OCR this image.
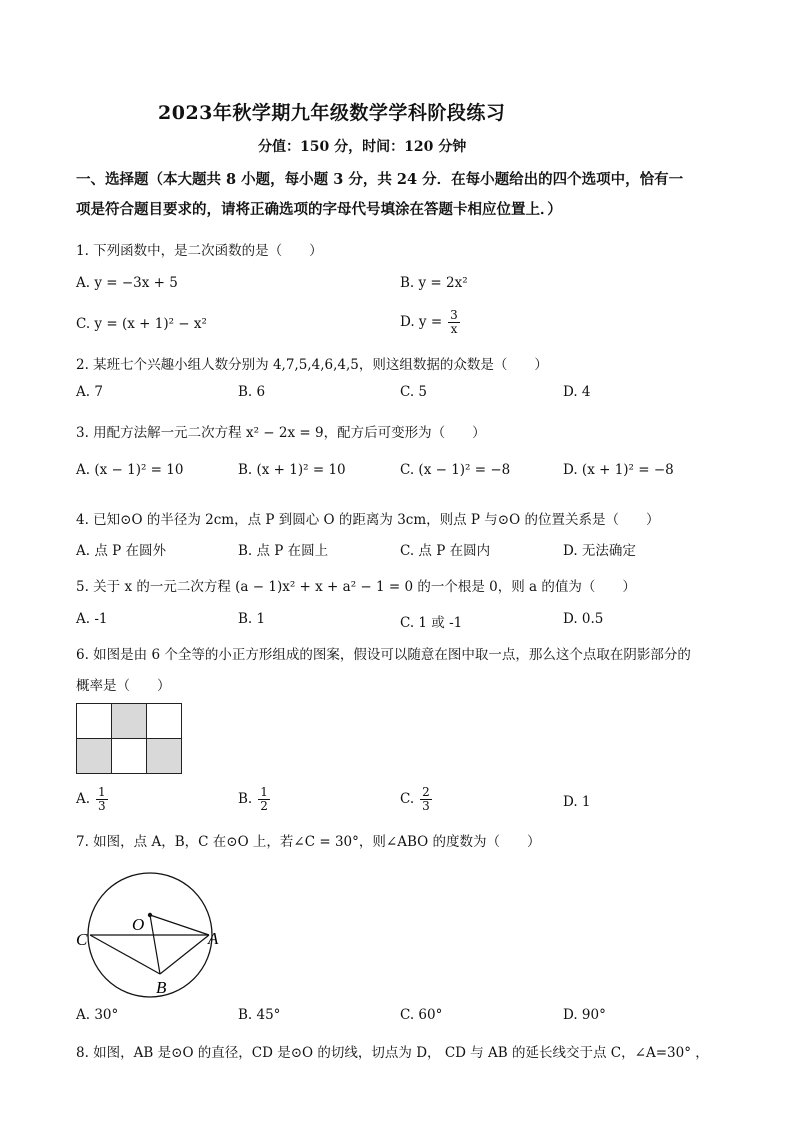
2023年秋学期九年级数学学科阶段练习
分值：150 分，时间：120 分钟
一、选择题（本大题共 8 小题，每小题 3 分，共 24 分．在每小题给出的四个选项中，恰有一
项是符合题目要求的，请将正确选项的字母代号填涂在答题卡相应位置上．）
1. 下列函数中，是二次函数的是（　　）
A. y = −3x + 5	B. y = 2x²
C. y = (x + 1)² − x²	D. $y = \frac{3}{x}$
2. 某班七个兴趣小组人数分别为 4,7,5,4,6,4,5，则这组数据的众数是（　　）
A. 7	B. 6	C. 5	D. 4
3. 用配方法解一元二次方程 x² − 2x = 9，配方后可变形为（　　）
A. (x − 1)² = 10	B. (x + 1)² = 10	C. (x − 1)² = −8	D. (x + 1)² = −8
4. 已知⊙O 的半径为 2cm，点 P 到圆心 O 的距离为 3cm，则点 P 与⊙O 的位置关系是（　　）
A. 点 P 在圆外	B. 点 P 在圆上	C. 点 P 在圆内	D. 无法确定
5. 关于 x 的一元二次方程 (a − 1)x² + x + a² − 1 = 0 的一个根是 0，则 a 的值为（　　）
A. -1	B. 1	C. 1 或 -1	D. 0.5
6. 如图是由 6 个全等的小正方形组成的图案，假设可以随意在图中取一点，那么这个点取在阴影部分的
概率是（　　）

A. $\frac{1}{3}$	B. $\frac{1}{2}$	C. $\frac{2}{3}$	D. 1
7. 如图，点 A，B，C 在⊙O 上，若∠C = 30°，则∠ABO 的度数为（　　）
O
C	A
B
A. 30°	B. 45°	C. 60°	D. 90°
8. 如图，AB 是⊙O 的直径，CD 是⊙O 的切线，切点为 D， CD 与 AB 的延长线交于点 C，∠A=30° ，
